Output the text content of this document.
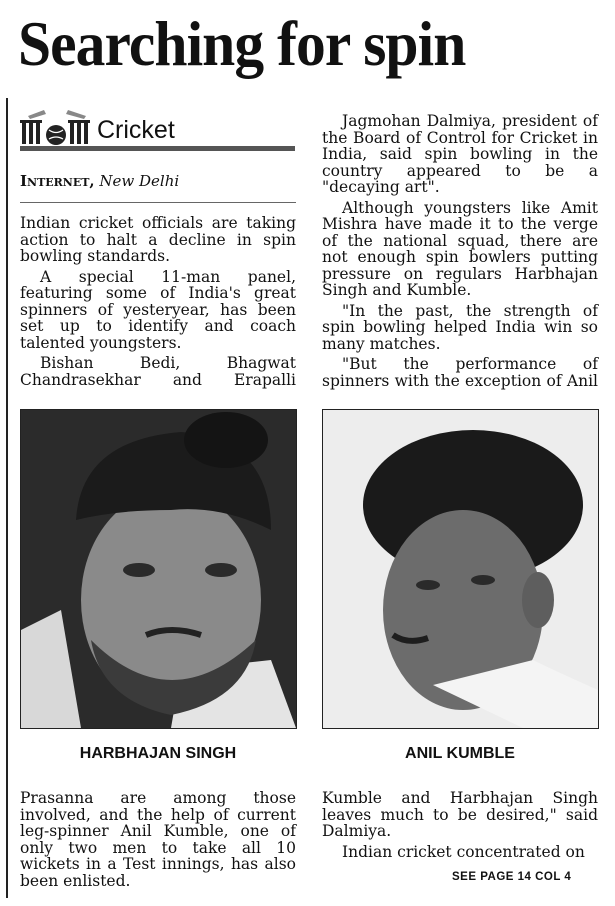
Searching for spin
Cricket
Internet, New Delhi

Indian cricket officials are taking action to halt a decline in spin bowling standards.

A special 11-man panel, featuring some of India's great spinners of yesteryear, has been set up to identify and coach talented youngsters.

Bishan Bedi, Bhagwat Chandrasekhar and Erapalli

Jagmohan Dalmiya, president of the Board of Control for Cricket in India, said spin bowling in the country appeared to be a "decaying art".

Although youngsters like Amit Mishra have made it to the verge of the national squad, there are not enough spin bowlers putting pressure on regulars Harbhajan Singh and Kumble.

"In the past, the strength of spin bowling helped India win so many matches.

"But the performance of spinners with the exception of Anil

HARBHAJAN SINGH	ANIL KUMBLE

Prasanna are among those involved, and the help of current leg-spinner Anil Kumble, one of only two men to take all 10 wickets in a Test innings, has also been enlisted.

Kumble and Harbhajan Singh leaves much to be desired," said Dalmiya.

Indian cricket concentrated on

SEE PAGE 14 COL 4
